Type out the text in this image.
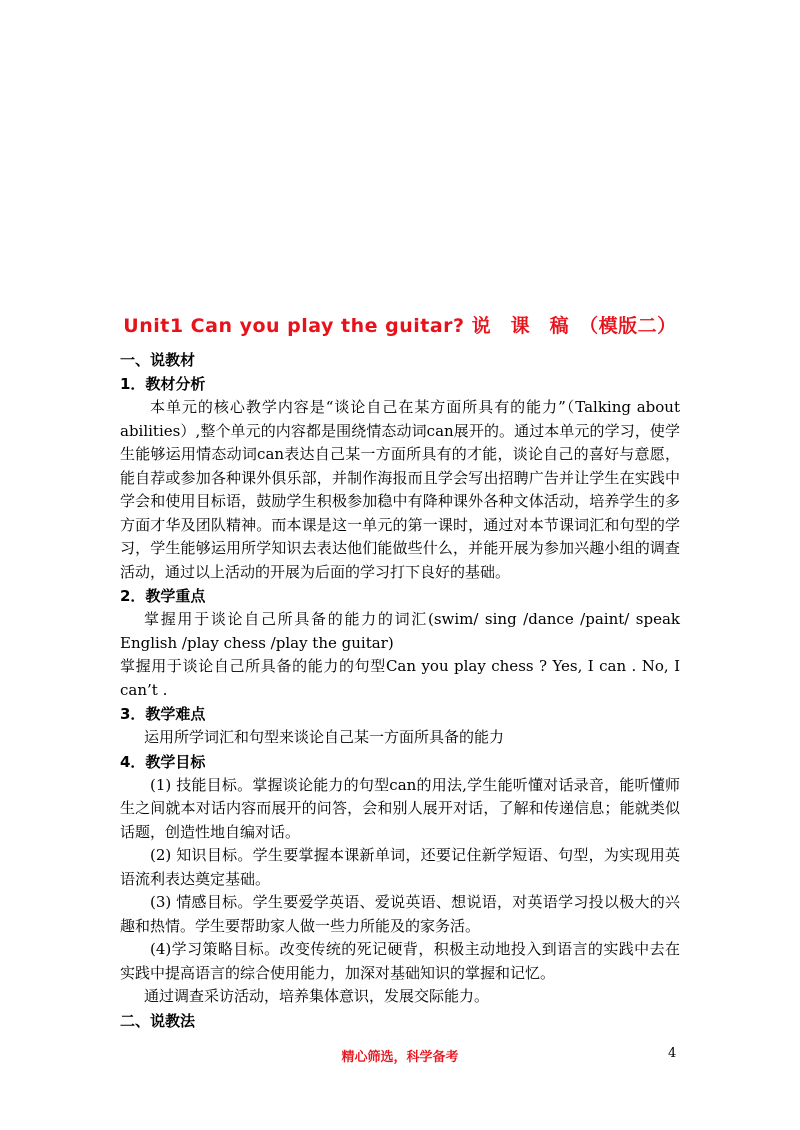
Unit1 Can you play the guitar? 说　课　稿　（模版二）
一、说教材
1．教材分析

本单元的核心教学内容是“谈论自己在某方面所具有的能力”（Talking about abilities）,整个单元的内容都是围绕情态动词can展开的。通过本单元的学习，使学生能够运用情态动词can表达自己某一方面所具有的才能，谈论自己的喜好与意愿，能自荐或参加各种课外俱乐部，并制作海报而且学会写出招聘广告并让学生在实践中学会和使用目标语，鼓励学生积极参加稳中有降种课外各种文体活动，培养学生的多方面才华及团队精神。而本课是这一单元的第一课时，通过对本节课词汇和句型的学习，学生能够运用所学知识去表达他们能做些什么，并能开展为参加兴趣小组的调查活动，通过以上活动的开展为后面的学习打下良好的基础。

2．教学重点

掌握用于谈论自己所具备的能力的词汇(swim/ sing /dance /paint/ speak English /play chess /play the guitar)

掌握用于谈论自己所具备的能力的句型Can you play chess ? Yes, I can . No, I can’t .

3．教学难点

运用所学词汇和句型来谈论自己某一方面所具备的能力

4．教学目标

(1) 技能目标。掌握谈论能力的句型can的用法,学生能听懂对话录音，能听懂师生之间就本对话内容而展开的问答，会和别人展开对话，了解和传递信息；能就类似话题，创造性地自编对话。

(2) 知识目标。学生要掌握本课新单词，还要记住新学短语、句型，为实现用英语流利表达奠定基础。

(3) 情感目标。学生要爱学英语、爱说英语、想说语，对英语学习投以极大的兴趣和热情。学生要帮助家人做一些力所能及的家务活。

(4)学习策略目标。改变传统的死记硬背，积极主动地投入到语言的实践中去在实践中提高语言的综合使用能力，加深对基础知识的掌握和记忆。

通过调查采访活动，培养集体意识，发展交际能力。

二、说教法
精心筛选，科学备考	4
